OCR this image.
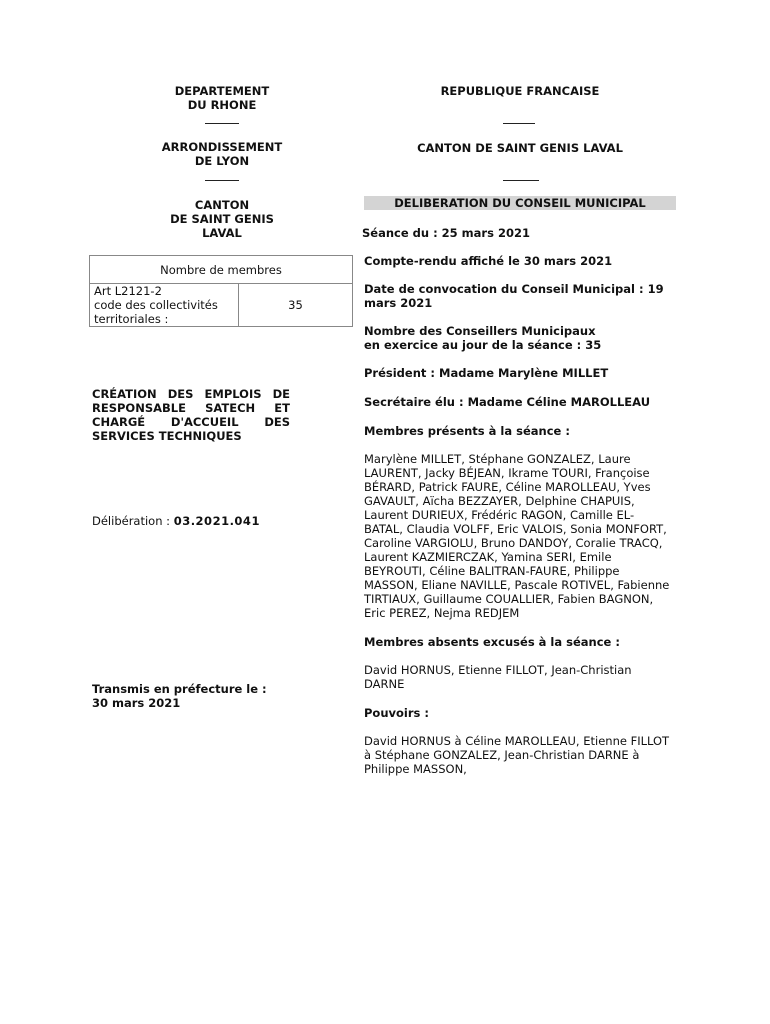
DEPARTEMENT
DU RHONE
ARRONDISSEMENT
DE LYON
CANTON
DE SAINT GENIS LAVAL
Nombre de membres

Art L2121-2
code des collectivités
territoriales :
	35
CRÉATION DES EMPLOIS DE RESPONSABLE SATECH ET CHARGÉ D'ACCUEIL DES SERVICES TECHNIQUES
Délibération : 03.2021.041
Transmis en préfecture le :
30 mars 2021
REPUBLIQUE FRANCAISE
CANTON DE SAINT GENIS LAVAL
DELIBERATION DU CONSEIL MUNICIPAL
Séance du : 25 mars 2021
Compte-rendu affiché le 30 mars 2021
Date de convocation du Conseil Municipal : 19
mars 2021
Nombre des Conseillers Municipaux
en exercice au jour de la séance : 35
Président : Madame Marylène MILLET
Secrétaire élu : Madame Céline MAROLLEAU
Membres présents à la séance :
Marylène MILLET, Stéphane GONZALEZ, Laure
LAURENT, Jacky BÉJEAN, Ikrame TOURI, Françoise
BÉRARD, Patrick FAURE, Céline MAROLLEAU, Yves
GAVAULT, Aïcha BEZZAYER, Delphine CHAPUIS,
Laurent DURIEUX, Frédéric RAGON, Camille EL-
BATAL, Claudia VOLFF, Eric VALOIS, Sonia MONFORT,
Caroline VARGIOLU, Bruno DANDOY, Coralie TRACQ,
Laurent KAZMIERCZAK, Yamina SERI, Emile
BEYROUTI, Céline BALITRAN-FAURE, Philippe
MASSON, Eliane NAVILLE, Pascale ROTIVEL, Fabienne
TIRTIAUX, Guillaume COUALLIER, Fabien BAGNON,
Eric PEREZ, Nejma REDJEM
Membres absents excusés à la séance :
David HORNUS, Etienne FILLOT, Jean-Christian
DARNE
Pouvoirs :
David HORNUS à Céline MAROLLEAU, Etienne FILLOT
à Stéphane GONZALEZ, Jean-Christian DARNE à
Philippe MASSON,
